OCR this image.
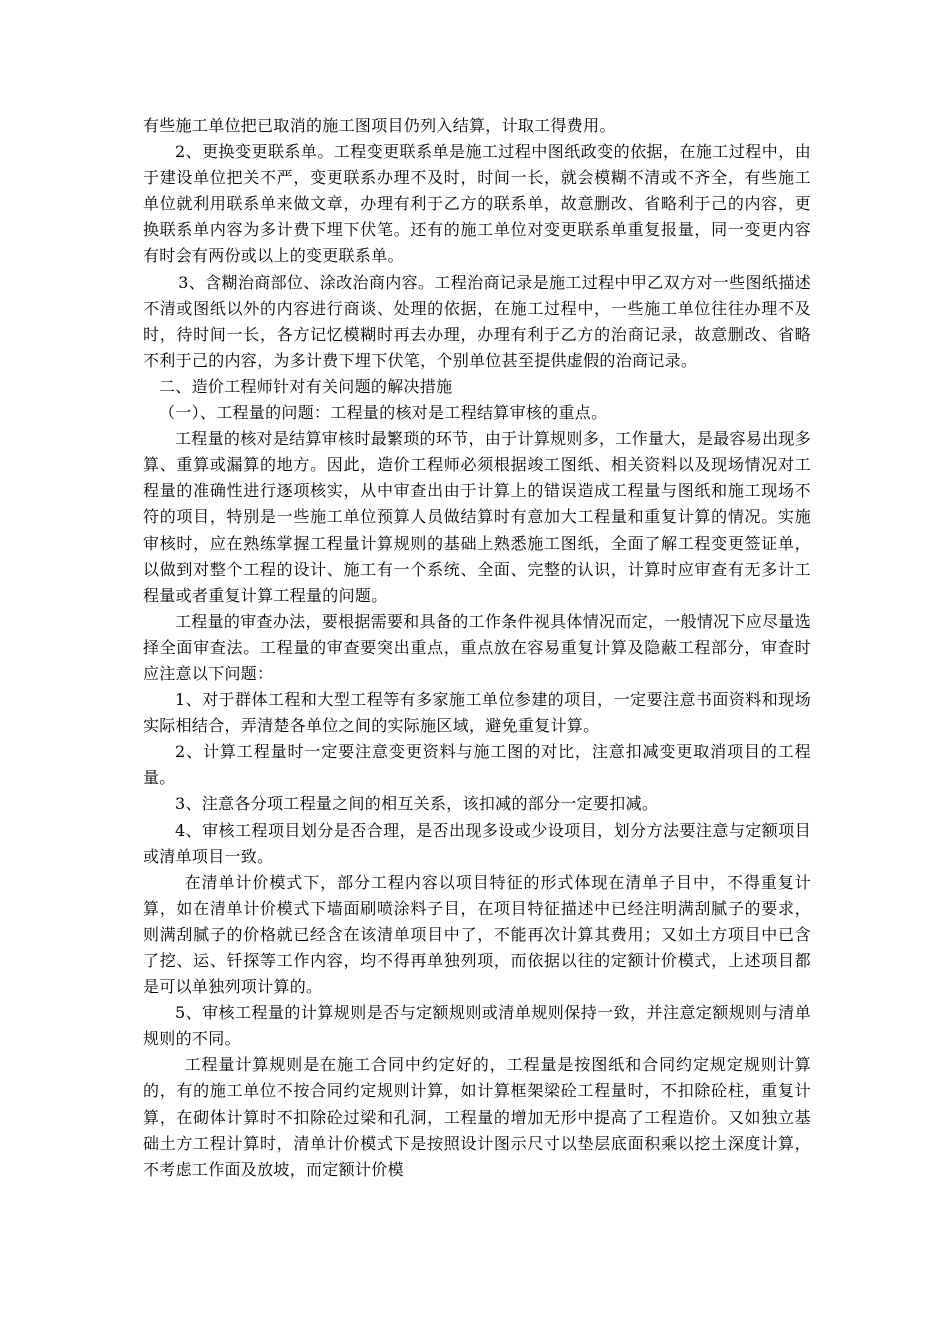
有些施工单位把已取消的施工图项目仍列入结算，计取工得费用。

2、更换变更联系单。工程变更联系单是施工过程中图纸政变的依据，在施工过程中，由于建设单位把关不严，变更联系办理不及时，时间一长，就会模糊不清或不齐全，有些施工单位就利用联系单来做文章，办理有利于乙方的联系单，故意删改、省略利于己的内容，更换联系单内容为多计费下埋下伏笔。还有的施工单位对变更联系单重复报量，同一变更内容有时会有两份或以上的变更联系单。

3、含糊治商部位、涂改治商内容。工程治商记录是施工过程中甲乙双方对一些图纸描述不清或图纸以外的内容进行商谈、处理的依据，在施工过程中，一些施工单位往往办理不及时，待时间一长，各方记忆模糊时再去办理，办理有利于乙方的治商记录，故意删改、省略不利于己的内容，为多计费下埋下伏笔，个别单位甚至提供虚假的治商记录。

二、造价工程师针对有关问题的解决措施

（一）、工程量的问题：工程量的核对是工程结算审核的重点。

工程量的核对是结算审核时最繁琐的环节，由于计算规则多，工作量大，是最容易出现多算、重算或漏算的地方。因此，造价工程师必须根据竣工图纸、相关资料以及现场情况对工程量的准确性进行逐项核实，从中审查出由于计算上的错误造成工程量与图纸和施工现场不符的项目，特别是一些施工单位预算人员做结算时有意加大工程量和重复计算的情况。实施审核时，应在熟练掌握工程量计算规则的基础上熟悉施工图纸，全面了解工程变更签证单，以做到对整个工程的设计、施工有一个系统、全面、完整的认识，计算时应审查有无多计工程量或者重复计算工程量的问题。

工程量的审查办法，要根据需要和具备的工作条件视具体情况而定，一般情况下应尽量选择全面审查法。工程量的审查要突出重点，重点放在容易重复计算及隐蔽工程部分，审查时应注意以下问题：

1、对于群体工程和大型工程等有多家施工单位参建的项目，一定要注意书面资料和现场实际相结合，弄清楚各单位之间的实际施区域，避免重复计算。

2、计算工程量时一定要注意变更资料与施工图的对比，注意扣减变更取消项目的工程量。

3、注意各分项工程量之间的相互关系，该扣减的部分一定要扣减。

4、审核工程项目划分是否合理，是否出现多设或少设项目，划分方法要注意与定额项目或清单项目一致。

在清单计价模式下，部分工程内容以项目特征的形式体现在清单子目中，不得重复计算，如在清单计价模式下墙面刷喷涂料子目，在项目特征描述中已经注明满刮腻子的要求，则满刮腻子的价格就已经含在该清单项目中了，不能再次计算其费用；又如土方项目中已含了挖、运、钎探等工作内容，均不得再单独列项，而依据以往的定额计价模式，上述项目都是可以单独列项计算的。

5、审核工程量的计算规则是否与定额规则或清单规则保持一致，并注意定额规则与清单规则的不同。

工程量计算规则是在施工合同中约定好的，工程量是按图纸和合同约定规定规则计算的，有的施工单位不按合同约定规则计算，如计算框架梁砼工程量时，不扣除砼柱，重复计算，在砌体计算时不扣除砼过梁和孔洞，工程量的增加无形中提高了工程造价。又如独立基础土方工程计算时，清单计价模式下是按照设计图示尺寸以垫层底面积乘以挖土深度计算，不考虑工作面及放坡，而定额计价模
